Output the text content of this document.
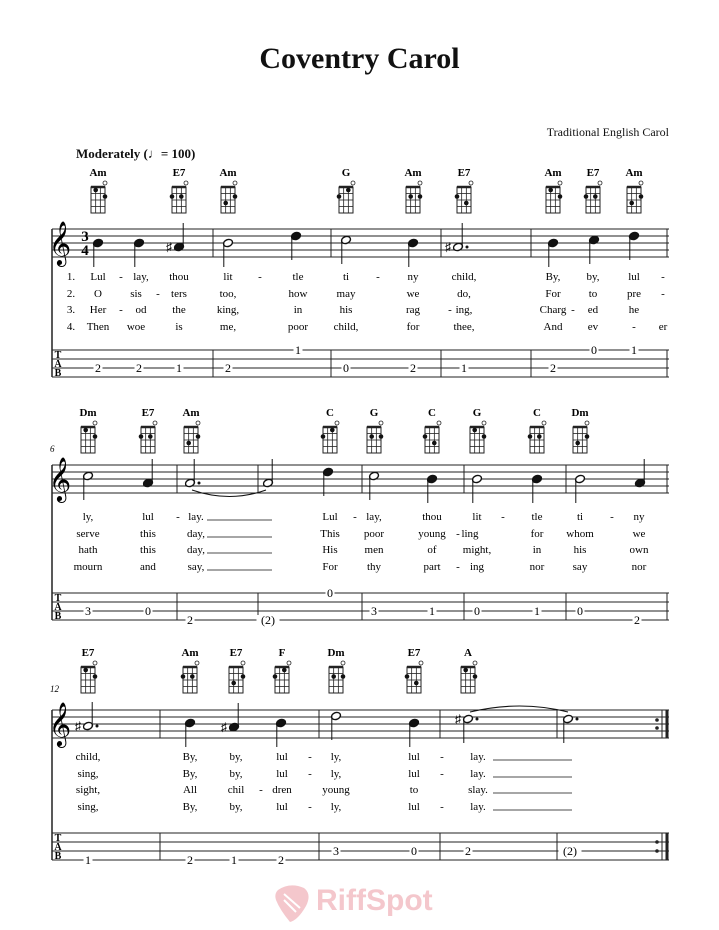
Coventry Carol
Traditional English Carol
Moderately (♩= 100)
𝄞 3
4
T
A
B
Am	E7	Am	G	Am	E7	Am E7 Am
♯	♯
1. Lul - lay, thou	lit -	tle	ti -	ny	child,	By, by,	lul -
2. O	sis - ters	too,	how	may	we	do,	For	to	pre -
3. Her - od the	king,	in	his	rag	- ing,	Charg - ed	he
4. Then woe	is	me,	poor child,	for	thee,	And ev	- er
2	2	1	2
1
0	2	1	2
0	1
𝄞
T
A
B
6
Dm	E7	Am	C	G	C	G	C	Dm
ly,	lul - lay.	Lul - lay,	thou	lit - tle	ti - ny
serve	this	day,	This poor	young - ling	for whom	we
hath	this	day,	His men	of might,	in	his	own
mourn	and	say,	For	thy	part - ing	nor	say	nor
3	0
2	(2)
0
3	1	0	1	0
2
𝄞
T
A
B
12
E7	Am	E7	F	Dm	E7	A
♯	♯
♯
child,	By,	by,	lul - ly,	lul - lay.
sing,	By,	by,	lul - ly,	lul - lay.
sight,	All	chil - dren	young	to	slay.
sing,	By,	by,	lul - ly,	lul - lay.
1	2	1	2
3	0	2	(2)
RiffSpot
